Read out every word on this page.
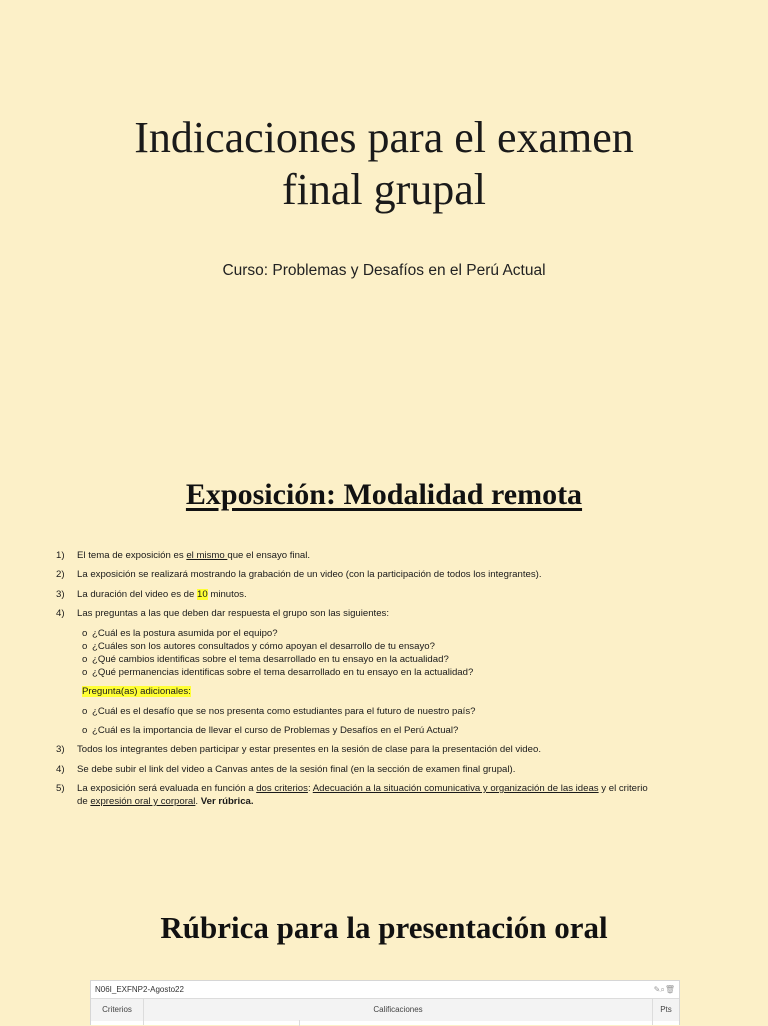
Indicaciones para el examen
final grupal
Curso: Problemas y Desafíos en el Perú Actual
Exposición: Modalidad remota
1)	El tema de exposición es el mismo que el ensayo final.
2)	La exposición se realizará mostrando la grabación de un video (con la participación de todos los integrantes).
3)	La duración del video es de 10 minutos.
4)	Las preguntas a las que deben dar respuesta el grupo son las siguientes:
o ¿Cuál es la postura asumida por el equipo?
o ¿Cuáles son los autores consultados y cómo apoyan el desarrollo de tu ensayo?
o ¿Qué cambios identificas sobre el tema desarrollado en tu ensayo en la actualidad?
o ¿Qué permanencias identificas sobre el tema desarrollado en tu ensayo en la actualidad?
Pregunta(as) adicionales:
o ¿Cuál es el desafío que se nos presenta como estudiantes para el futuro de nuestro país?
o ¿Cuál es la importancia de llevar el curso de Problemas y Desafíos en el Perú Actual?
3)	Todos los integrantes deben participar y estar presentes en la sesión de clase para la presentación del video.
4)	Se debe subir el link del video a Canvas antes de la sesión final (en la sección de examen final grupal).
5)	La exposición será evaluada en función a dos criterios: Adecuación a la situación comunicativa y organización de las ideas y el criterio
de expresión oral y corporal. Ver rúbrica.
Rúbrica para la presentación oral
N06I_EXFNP2-Agosto22	✎⌕🗑
Criterios	Calificaciones	Pts
